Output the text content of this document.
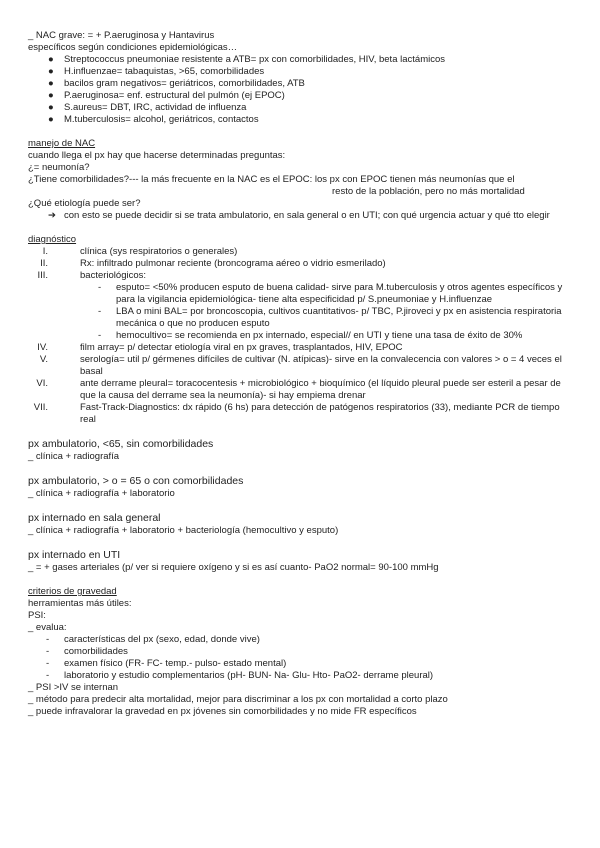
_ NAC grave: = + P.aeruginosa y Hantavirus
específicos según condiciones epidemiológicas…
● Streptococcus pneumoniae resistente a ATB= px con comorbilidades, HIV, beta lactámicos
● H.influenzae= tabaquistas, >65, comorbilidades
● bacilos gram negativos= geriátricos, comorbilidades, ATB
● P.aeruginosa= enf. estructural del pulmón (ej EPOC)
● S.aureus= DBT, IRC, actividad de influenza
● M.tuberculosis= alcohol, geriátricos, contactos
manejo de NAC
cuando llega el px hay que hacerse determinadas preguntas:
¿= neumonía?
¿Tiene comorbilidades?--- la más frecuente en la NAC es el EPOC: los px con EPOC tienen más neumonías que el
resto de la población, pero no más mortalidad
¿Qué etiología puede ser?
➔ con esto se puede decidir si se trata ambulatorio, en sala general o en UTI; con qué urgencia actuar y qué tto elegir
diagnóstico
I.	clínica (sys respiratorios o generales)
II.	Rx: infiltrado pulmonar reciente (broncograma aéreo o vidrio esmerilado)
III.	bacteriológicos:
- esputo= <50% producen esputo de buena calidad- sirve para M.tuberculosis y otros agentes específicos y para la vigilancia epidemiológica- tiene alta especificidad p/ S.pneumoniae y H.influenzae
- LBA o mini BAL= por broncoscopia, cultivos cuantitativos- p/ TBC, P.jiroveci y px en asistencia respiratoria mecánica o que no producen esputo
- hemocultivo= se recomienda en px internado, especial// en UTI y tiene una tasa de éxito de 30%
IV.	film array= p/ detectar etiología viral en px graves, trasplantados, HIV, EPOC
V.	serología= util p/ gérmenes difíciles de cultivar (N. atípicas)- sirve en la convalecencia con valores > o = 4 veces el basal
VI.	ante derrame pleural= toracocentesis + microbiológico + bioquímico (el líquido pleural puede ser esteril a pesar de que la causa del derrame sea la neumonía)- si hay empiema drenar
VII.	Fast-Track-Diagnostics: dx rápido (6 hs) para detección de patógenos respiratorios (33), mediante PCR de tiempo real
px ambulatorio, <65, sin comorbilidades
_ clínica + radiografía
px ambulatorio, > o = 65 o con comorbilidades
_ clínica + radiografía + laboratorio
px internado en sala general
_ clínica + radiografía + laboratorio + bacteriología (hemocultivo y esputo)
px internado en UTI
_ = + gases arteriales (p/ ver si requiere oxígeno y si es así cuanto- PaO2 normal= 90-100 mmHg
criterios de gravedad
herramientas más útiles:
PSI:
_ evalua:
- características del px (sexo, edad, donde vive)
- comorbilidades
- examen físico (FR- FC- temp.- pulso- estado mental)
- laboratorio y estudio complementarios (pH- BUN- Na- Glu- Hto- PaO2- derrame pleural)
_ PSI >IV se internan
_ método para predecir alta mortalidad, mejor para discriminar a los px con mortalidad a corto plazo
_ puede infravalorar la gravedad en px jóvenes sin comorbilidades y no mide FR específicos
